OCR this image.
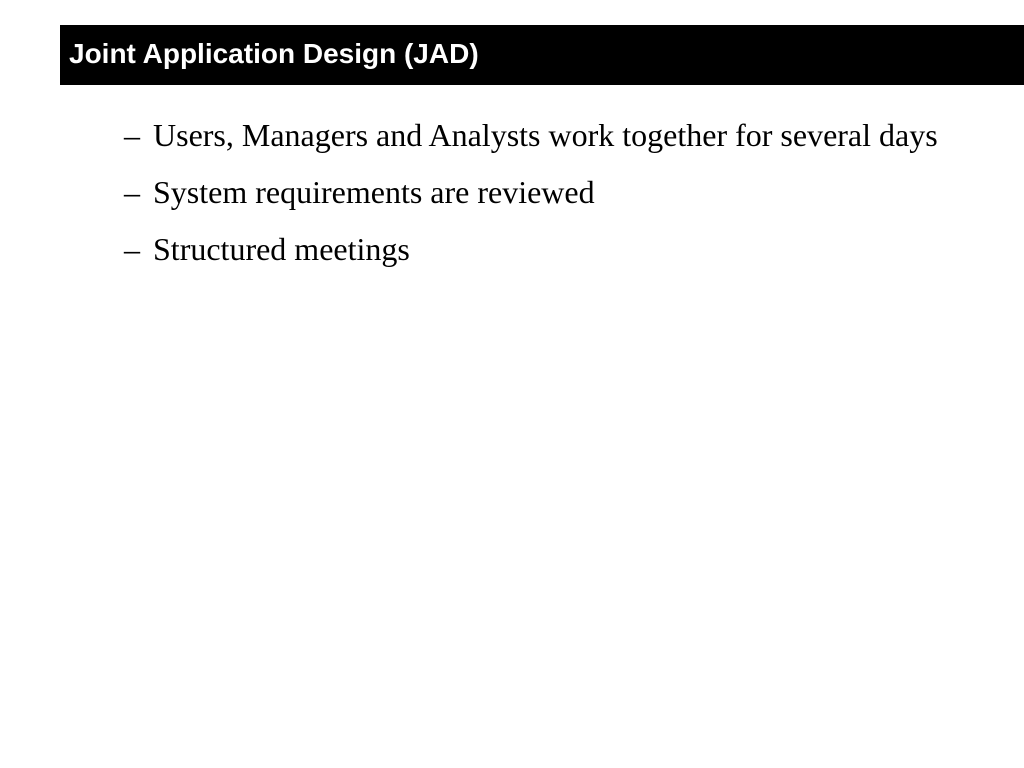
Joint Application Design (JAD)
– Users, Managers and Analysts work together for several days
– System requirements are reviewed
– Structured meetings
